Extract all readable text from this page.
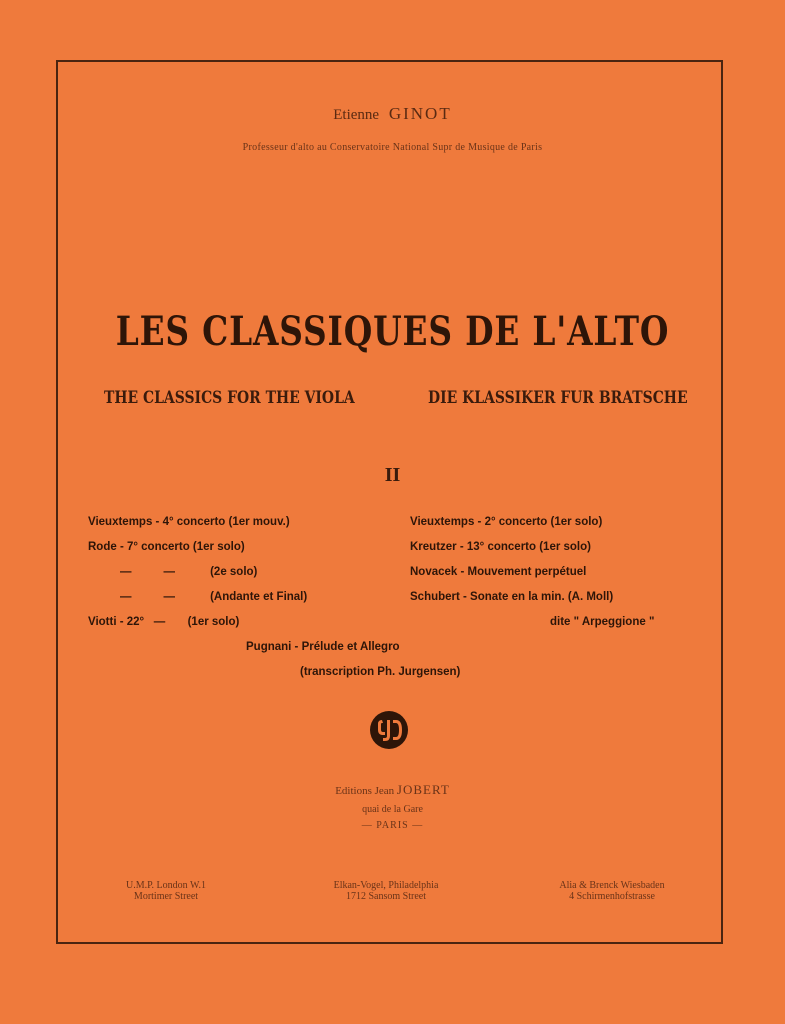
Etienne GINOT
Professeur d'alto au Conservatoire National Supr de Musique de Paris
LES CLASSIQUES DE L'ALTO
THE CLASSICS FOR THE VIOLA	DIE KLASSIKER FUR BRATSCHE
II
Vieuxtemps - 4° concerto (1er mouv.)
Rode - 7° concerto (1er solo)
—          —           (2e solo)
—          —           (Andante et Final)
Viotti - 22°   —       (1er solo)
Vieuxtemps - 2° concerto (1er solo)
Kreutzer - 13° concerto (1er solo)
Novacek - Mouvement perpétuel
Schubert - Sonate en la min. (A. Moll)
dite " Arpeggione "
Pugnani - Prélude et Allegro
(transcription Ph. Jurgensen)
Editions Jean JOBERT
quai de la Gare
— PARIS —
U.M.P. London W.1
Mortimer Street
Elkan-Vogel, Philadelphia
1712 Sansom Street
Alia & Brenck Wiesbaden
4 Schirmenhofstrasse
